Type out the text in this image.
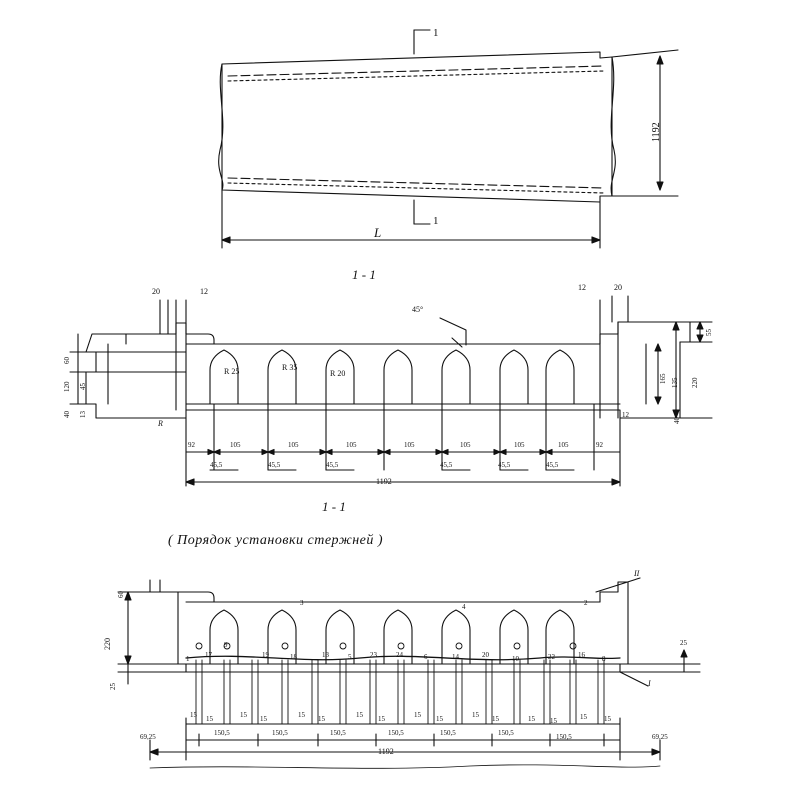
1
1
L
1192
1 - 1
1 - 1
20	12	12	20
45°
R 25	R 35
R 20
R
55
220
135
165
40
12
60
120 45
40 13
105	105	105	105	105	105	105
92	92
45,5	45,5	45,5	45,5	45,5	45,5
1192
( Порядок установки стержней )
60
220
25
25
II
I
3	4	2
1 17
9
19	18	13	5	23	24	6	14	20	10	22	16 8
15 15	15 15	15 15	15 15	15 15	15 15	15 15	15 15
150,5	150,5	150,5	150,5	150,5	150,5	150,5
69,25	69,25
1192
